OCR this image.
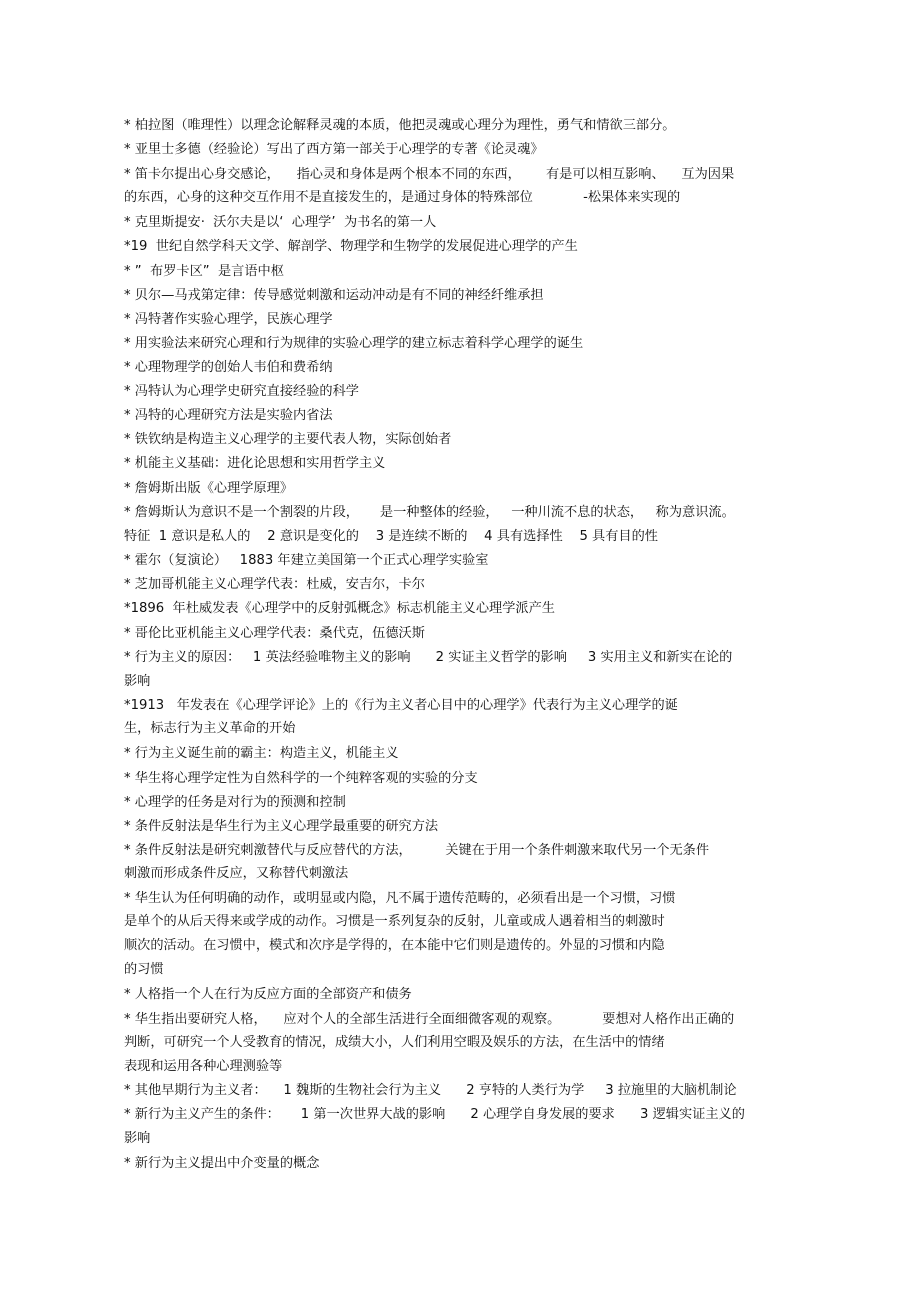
* 柏拉图（唯理性）以理念论解释灵魂的本质，他把灵魂或心理分为理性，勇气和情欲三部分。
* 亚里士多德（经验论）写出了西方第一部关于心理学的专著《论灵魂》
* 笛卡尔提出心身交感论，    指心灵和身体是两个根本不同的东西，      有是可以相互影响、    互为因果
的东西，心身的这种交互作用不是直接发生的，是通过身体的特殊部位            -松果体来实现的
* 克里斯提安·  沃尔夫是以‘  心理学’  为书名的第一人
*19  世纪自然学科天文学、解剖学、物理学和生物学的发展促进心理学的产生
* ”  布罗卡区”  是言语中枢
* 贝尔—马戎第定律：传导感觉刺激和运动冲动是有不同的神经纤维承担
* 冯特著作实验心理学，民族心理学
* 用实验法来研究心理和行为规律的实验心理学的建立标志着科学心理学的诞生
* 心理物理学的创始人韦伯和费希纳
* 冯特认为心理学史研究直接经验的科学
* 冯特的心理研究方法是实验内省法
* 铁钦纳是构造主义心理学的主要代表人物，实际创始者
* 机能主义基础：进化论思想和实用哲学主义
* 詹姆斯出版《心理学原理》
* 詹姆斯认为意识不是一个割裂的片段，     是一种整体的经验，   一种川流不息的状态，   称为意识流。
特征  1 意识是私人的    2 意识是变化的    3 是连续不断的    4 具有选择性    5 具有目的性
* 霍尔（复演论）   1883 年建立美国第一个正式心理学实验室
* 芝加哥机能主义心理学代表：杜威，安吉尔，卡尔
*1896  年杜威发表《心理学中的反射弧概念》标志机能主义心理学派产生
* 哥伦比亚机能主义心理学代表：桑代克，伍德沃斯
* 行为主义的原因：   1 英法经验唯物主义的影响      2 实证主义哲学的影响     3 实用主义和新实在论的
影响
*1913   年发表在《心理学评论》上的《行为主义者心目中的心理学》代表行为主义心理学的诞
生，标志行为主义革命的开始
* 行为主义诞生前的霸主：构造主义，机能主义
* 华生将心理学定性为自然科学的一个纯粹客观的实验的分支
* 心理学的任务是对行为的预测和控制
* 条件反射法是华生行为主义心理学最重要的研究方法
* 条件反射法是研究刺激替代与反应替代的方法，        关键在于用一个条件刺激来取代另一个无条件
刺激而形成条件反应，又称替代刺激法
* 华生认为任何明确的动作，或明显或内隐，凡不属于遗传范畴的，必须看出是一个习惯，习惯
是单个的从后天得来或学成的动作。习惯是一系列复杂的反射，儿童或成人遇着相当的刺激时
顺次的活动。在习惯中，模式和次序是学得的，在本能中它们则是遗传的。外显的习惯和内隐
的习惯
* 人格指一个人在行为反应方面的全部资产和债务
* 华生指出要研究人格，    应对个人的全部生活进行全面细微客观的观察。          要想对人格作出正确的
判断，可研究一个人受教育的情况，成绩大小，人们利用空暇及娱乐的方法，在生活中的情绪
表现和运用各种心理测验等
* 其他早期行为主义者：    1 魏斯的生物社会行为主义      2 亨特的人类行为学     3 拉施里的大脑机制论
* 新行为主义产生的条件：     1 第一次世界大战的影响      2 心理学自身发展的要求      3 逻辑实证主义的
影响
* 新行为主义提出中介变量的概念
